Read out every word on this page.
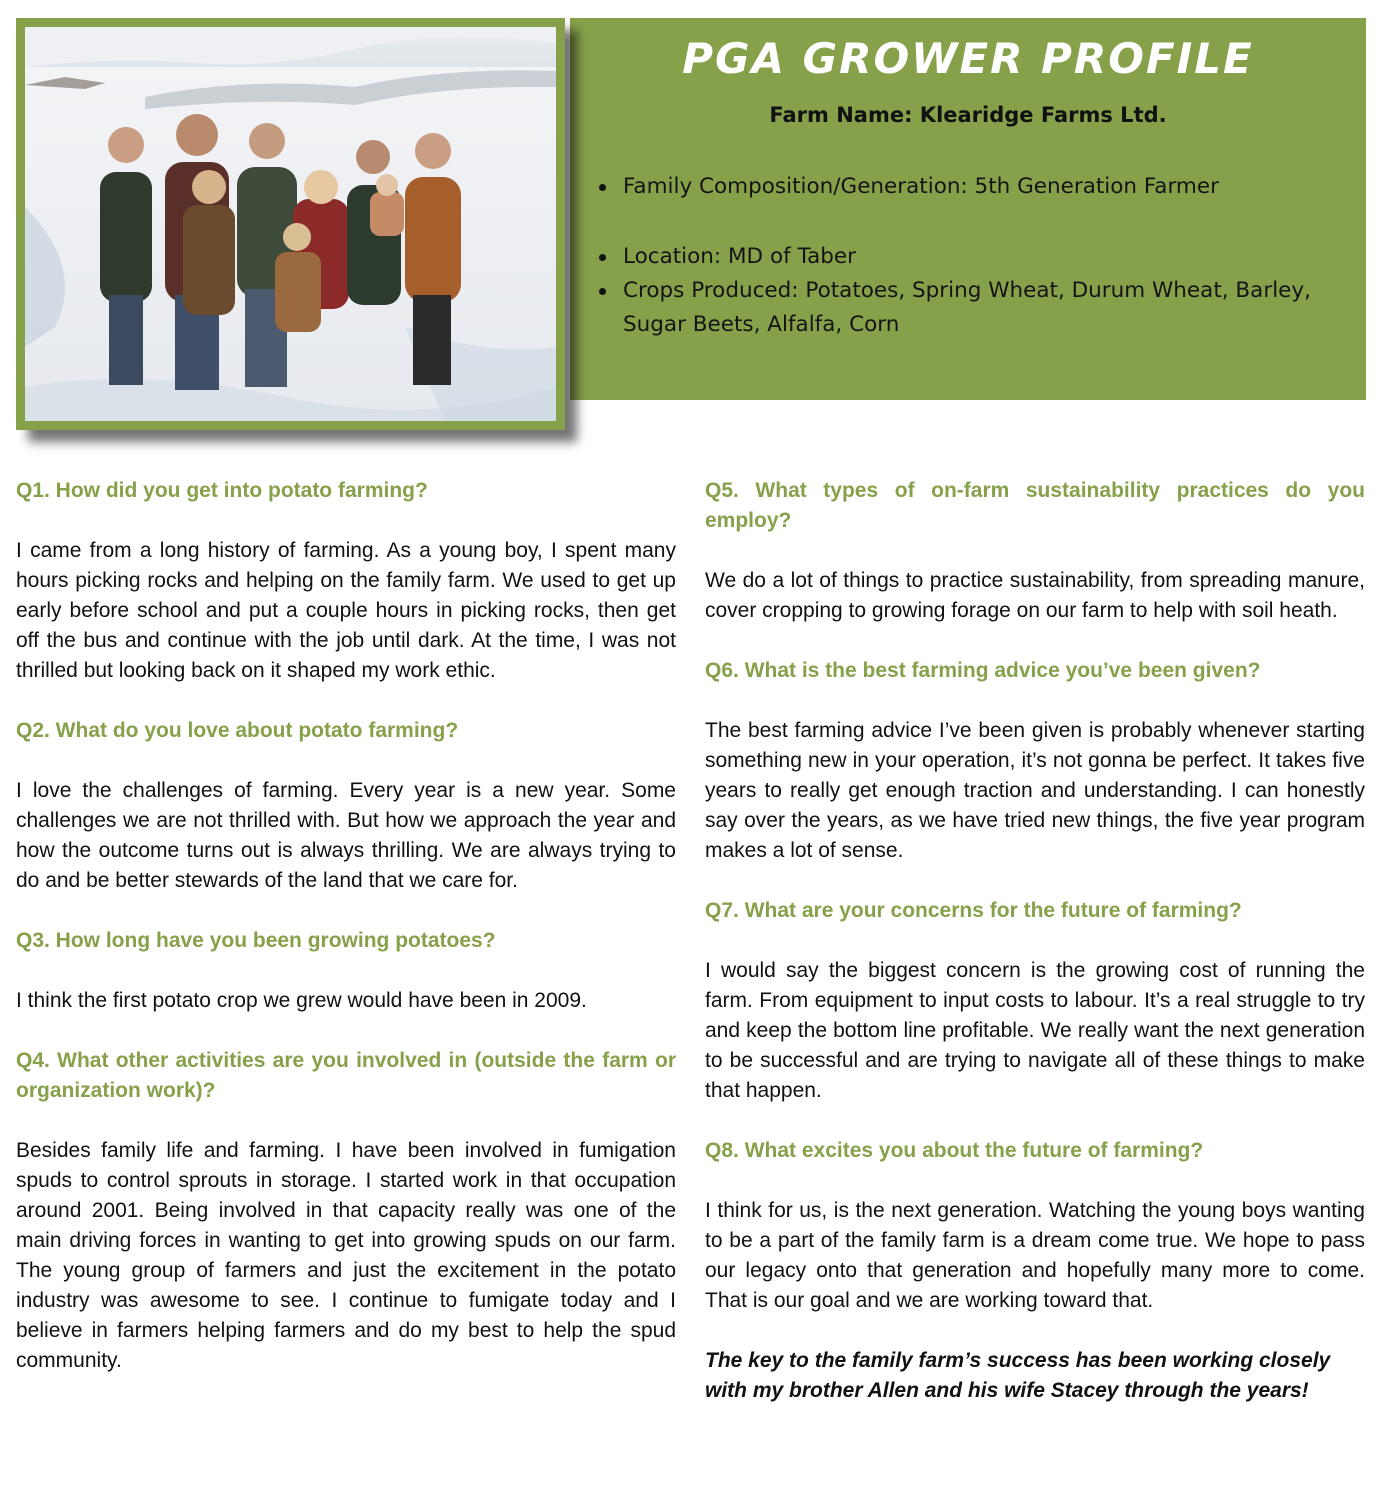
PGA GROWER PROFILE
Farm Name: Klearidge Farms Ltd.
Family Composition/Generation: 5th Generation Farmer
Location: MD of Taber
Crops Produced: Potatoes, Spring Wheat, Durum Wheat, Barley, Sugar Beets, Alfalfa, Corn

Q1. How did you get into potato farming?

I came from a long history of farming. As a young boy, I spent many hours picking rocks and helping on the family farm. We used to get up early before school and put a couple hours in picking rocks, then get off the bus and continue with the job until dark. At the time, I was not thrilled but looking back on it shaped my work ethic.

Q2. What do you love about potato farming?

I love the challenges of farming. Every year is a new year. Some challenges we are not thrilled with. But how we approach the year and how the outcome turns out is always thrilling. We are always trying to do and be better stewards of the land that we care for.

Q3. How long have you been growing potatoes?

I think the first potato crop we grew would have been in 2009.

Q4. What other activities are you involved in (outside the farm or organization work)?

Besides family life and farming. I have been involved in fumigation spuds to control sprouts in storage. I started work in that occupation around 2001. Being involved in that capacity really was one of the main driving forces in wanting to get into growing spuds on our farm. The young group of farmers and just the excitement in the potato industry was awesome to see. I continue to fumigate today and I believe in farmers helping farmers and do my best to help the spud community.

Q5. What types of on-farm sustainability practices do you employ?

We do a lot of things to practice sustainability, from spreading manure, cover cropping to growing forage on our farm to help with soil heath.

Q6. What is the best farming advice you’ve been given?

The best farming advice I’ve been given is probably whenever starting something new in your operation, it’s not gonna be perfect. It takes five years to really get enough traction and understanding. I can honestly say over the years, as we have tried new things, the five year program makes a lot of sense.

Q7. What are your concerns for the future of farming?

I would say the biggest concern is the growing cost of running the farm. From equipment to input costs to labour. It’s a real struggle to try and keep the bottom line profitable. We really want the next generation to be successful and are trying to navigate all of these things to make that happen.

Q8. What excites you about the future of farming?

I think for us, is the next generation. Watching the young boys wanting to be a part of the family farm is a dream come true. We hope to pass our legacy onto that generation and hopefully many more to come. That is our goal and we are working toward that.

The key to the family farm’s success has been working closely with my brother Allen and his wife Stacey through the years!
